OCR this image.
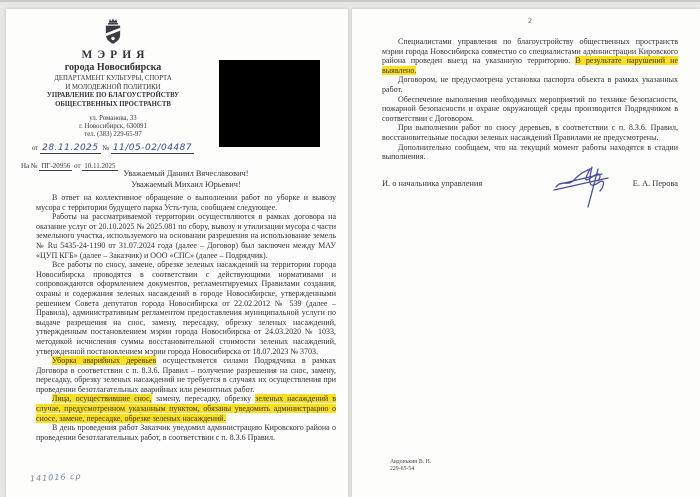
МЭРИЯ
города Новосибирска
ДЕПАРТАМЕНТ КУЛЬТУРЫ, СПОРТА
И МОЛОДЕЖНОЙ ПОЛИТИКИ
УПРАВЛЕНИЕ ПО БЛАГОУСТРОЙСТВУ
ОБЩЕСТВЕННЫХ ПРОСТРАНСТВ
ул. Романова, 33
г. Новосибирск, 630091
тел. (383) 229-65-97
от 28.11.2025 № 11/05-02/04487
На № ПГ-20956 от 10.11.2025
Уважаемый Даниил Вячеславович!
Уважаемый Михаил Юрьевич!

В ответ на коллективное обращение о выполнении работ по уборке и вывозу мусора с территории будущего парка Усть-тула, сообщаем следующее.

Работы на рассматриваемой территории осуществляются в рамках договора на оказание услуг от 20.10.2025 № 2025.081 по сбору, вывозу и утилизации мусора с части земельного участка, используемого на основании разрешения на использование земель № Ru 5435-24-1190 от 31.07.2024 года (далее – Договор) был заключен между МАУ «ЦУП КГБ» (далее – Заказчик) и ООО «СПС» (далее – Подрядчик).

Все работы по сносу, замене, обрезке зеленых насаждений на территории города Новосибирска проводятся в соответствии с действующими нормативами и сопровождаются оформлением документов, регламентируемых Правилами создания, охраны и содержания зеленых насаждений в городе Новосибирске, утвержденными решением Совета депутатов города Новосибирска от 22.02.2012 № 539 (далее – Правила), административным регламентом предоставления муниципальной услуги по выдаче разрешения на снос, замену, пересадку, обрезку зеленых насаждений, утвержденным постановлением мэрии города Новосибирска от 24.03.2020 № 1033, методикой исчисления суммы восстановительной стоимости зеленых насаждений, утвержденной постановлением мэрии города Новосибирска от 18.07.2023 № 3703.

Уборка аварийных деревьев осуществляется силами Подрядчика в рамках Договора в соответствии с п. 8.3.6. Правил – получение разрешения на снос, замену, пересадку, обрезку зеленых насаждений не требуется в случаях их осуществления при проведении безотлагательных аварийных или ремонтных работ.

Лица, осуществившие снос, замену, пересадку, обрезку зеленых насаждений в случае, предусмотренном указанным пунктом, обязаны уведомить администрацию о сносе, замене, пересадке, обрезке зеленых насаждений.

В день проведения работ Заказчик уведомил администрацию Кировского района о проведении безотлагательных работ, в соответствии с п. 8.3.6 Правил.

141016 ср
2

Специалистами управления по благоустройству общественных пространств мэрии города Новосибирска совместно со специалистами администрации Кировского района проведен выезд на указанную территорию. В результате нарушений не выявлено.

Договором, не предусмотрена установка паспорта объекта в рамках указанных работ.

Обеспечение выполнения необходимых мероприятий по технике безопасности, пожарной безопасности и охране окружающей среды производится Подрядчиком в соответствии с Договором.

При выполнении работ по сносу деревьев, в соответствии с п. 8.3.6. Правил, восстановительные посадки зеленых насаждений Правилами не предусмотрены.

Дополнительно сообщаем, что на текущий момент работы находятся в стадии выполнения.

И. о начальника управления	Е. А. Перова
Авдонькин В. Н.
229-65-54
